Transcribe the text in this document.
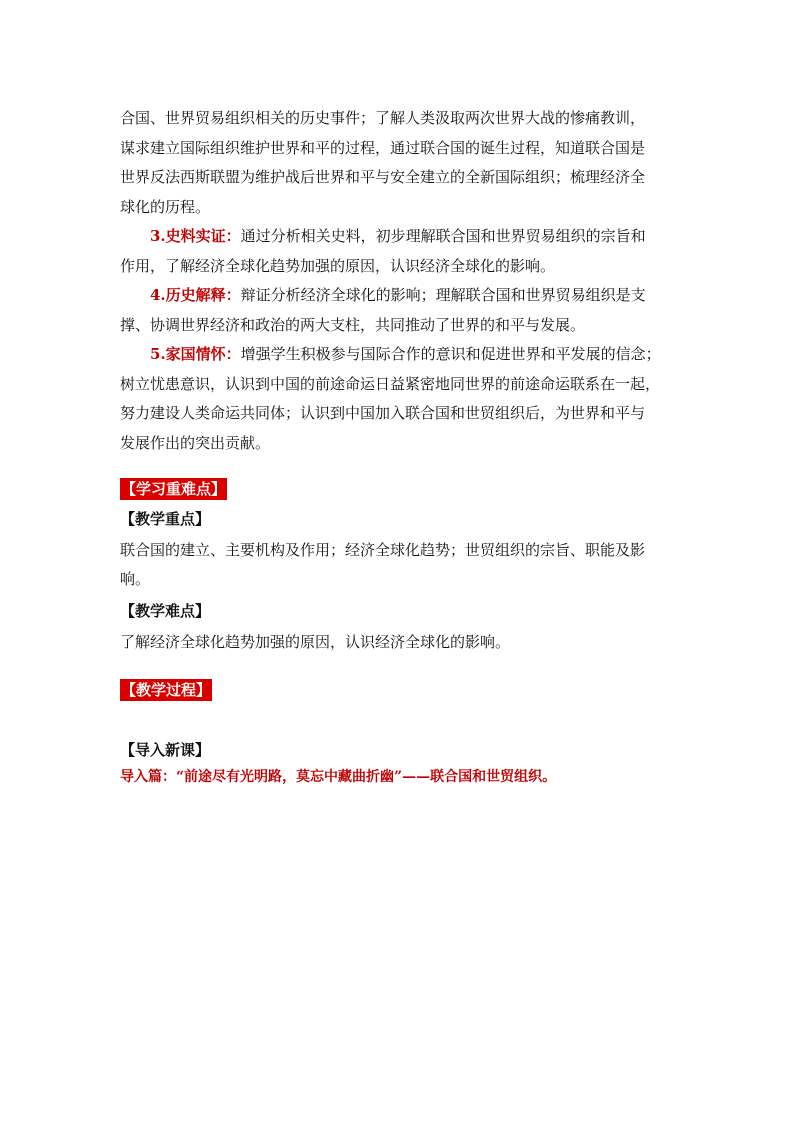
合国、世界贸易组织相关的历史事件；了解人类汲取两次世界大战的惨痛教训，

谋求建立国际组织维护世界和平的过程，通过联合国的诞生过程，知道联合国是

世界反法西斯联盟为维护战后世界和平与安全建立的全新国际组织；梳理经济全

球化的历程。

3.史料实证：通过分析相关史料，初步理解联合国和世界贸易组织的宗旨和

作用，了解经济全球化趋势加强的原因，认识经济全球化的影响。

4.历史解释：辩证分析经济全球化的影响；理解联合国和世界贸易组织是支

撑、协调世界经济和政治的两大支柱，共同推动了世界的和平与发展。

5.家国情怀：增强学生积极参与国际合作的意识和促进世界和平发展的信念；

树立忧患意识，认识到中国的前途命运日益紧密地同世界的前途命运联系在一起，

努力建设人类命运共同体；认识到中国加入联合国和世贸组织后，为世界和平与

发展作出的突出贡献。

【学习重难点】

【教学重点】

联合国的建立、主要机构及作用；经济全球化趋势；世贸组织的宗旨、职能及影

响。

【教学难点】

了解经济全球化趋势加强的原因，认识经济全球化的影响。

【教学过程】

【导入新课】

导入篇：“前途尽有光明路，莫忘中藏曲折幽”——联合国和世贸组织。
